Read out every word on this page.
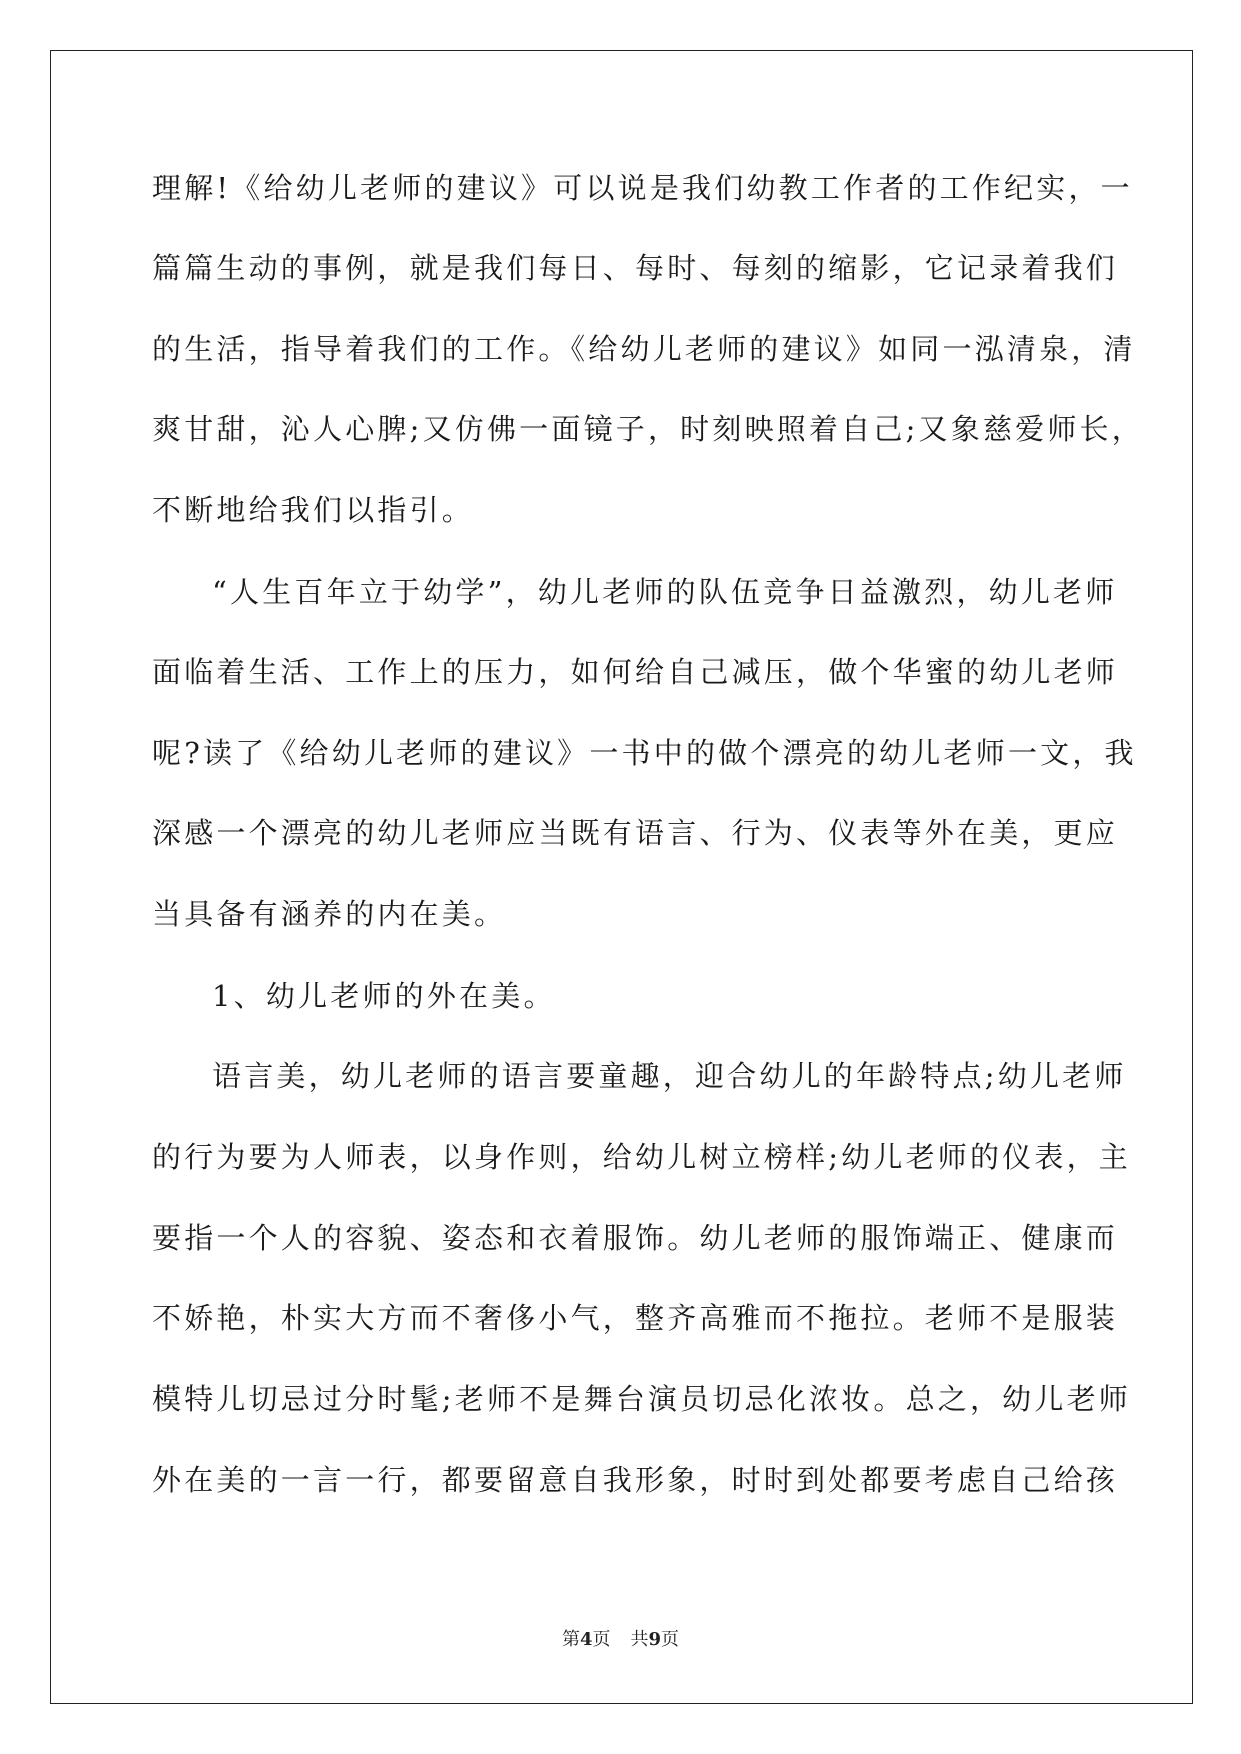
理解!《给幼儿老师的建议》可以说是我们幼教工作者的工作纪实，一
篇篇生动的事例，就是我们每日、每时、每刻的缩影，它记录着我们
的生活，指导着我们的工作。《给幼儿老师的建议》如同一泓清泉，清
爽甘甜，沁人心脾;又仿佛一面镜子，时刻映照着自己;又象慈爱师长，
不断地给我们以指引。
“人生百年立于幼学”，幼儿老师的队伍竞争日益激烈，幼儿老师
面临着生活、工作上的压力，如何给自己减压，做个华蜜的幼儿老师
呢?读了《给幼儿老师的建议》一书中的做个漂亮的幼儿老师一文，我
深感一个漂亮的幼儿老师应当既有语言、行为、仪表等外在美，更应
当具备有涵养的内在美。
1、幼儿老师的外在美。
语言美，幼儿老师的语言要童趣，迎合幼儿的年龄特点;幼儿老师
的行为要为人师表，以身作则，给幼儿树立榜样;幼儿老师的仪表，主
要指一个人的容貌、姿态和衣着服饰。幼儿老师的服饰端正、健康而
不娇艳，朴实大方而不奢侈小气，整齐高雅而不拖拉。老师不是服装
模特儿切忌过分时髦;老师不是舞台演员切忌化浓妆。总之，幼儿老师
外在美的一言一行，都要留意自我形象，时时到处都要考虑自己给孩
第4页 共9页
